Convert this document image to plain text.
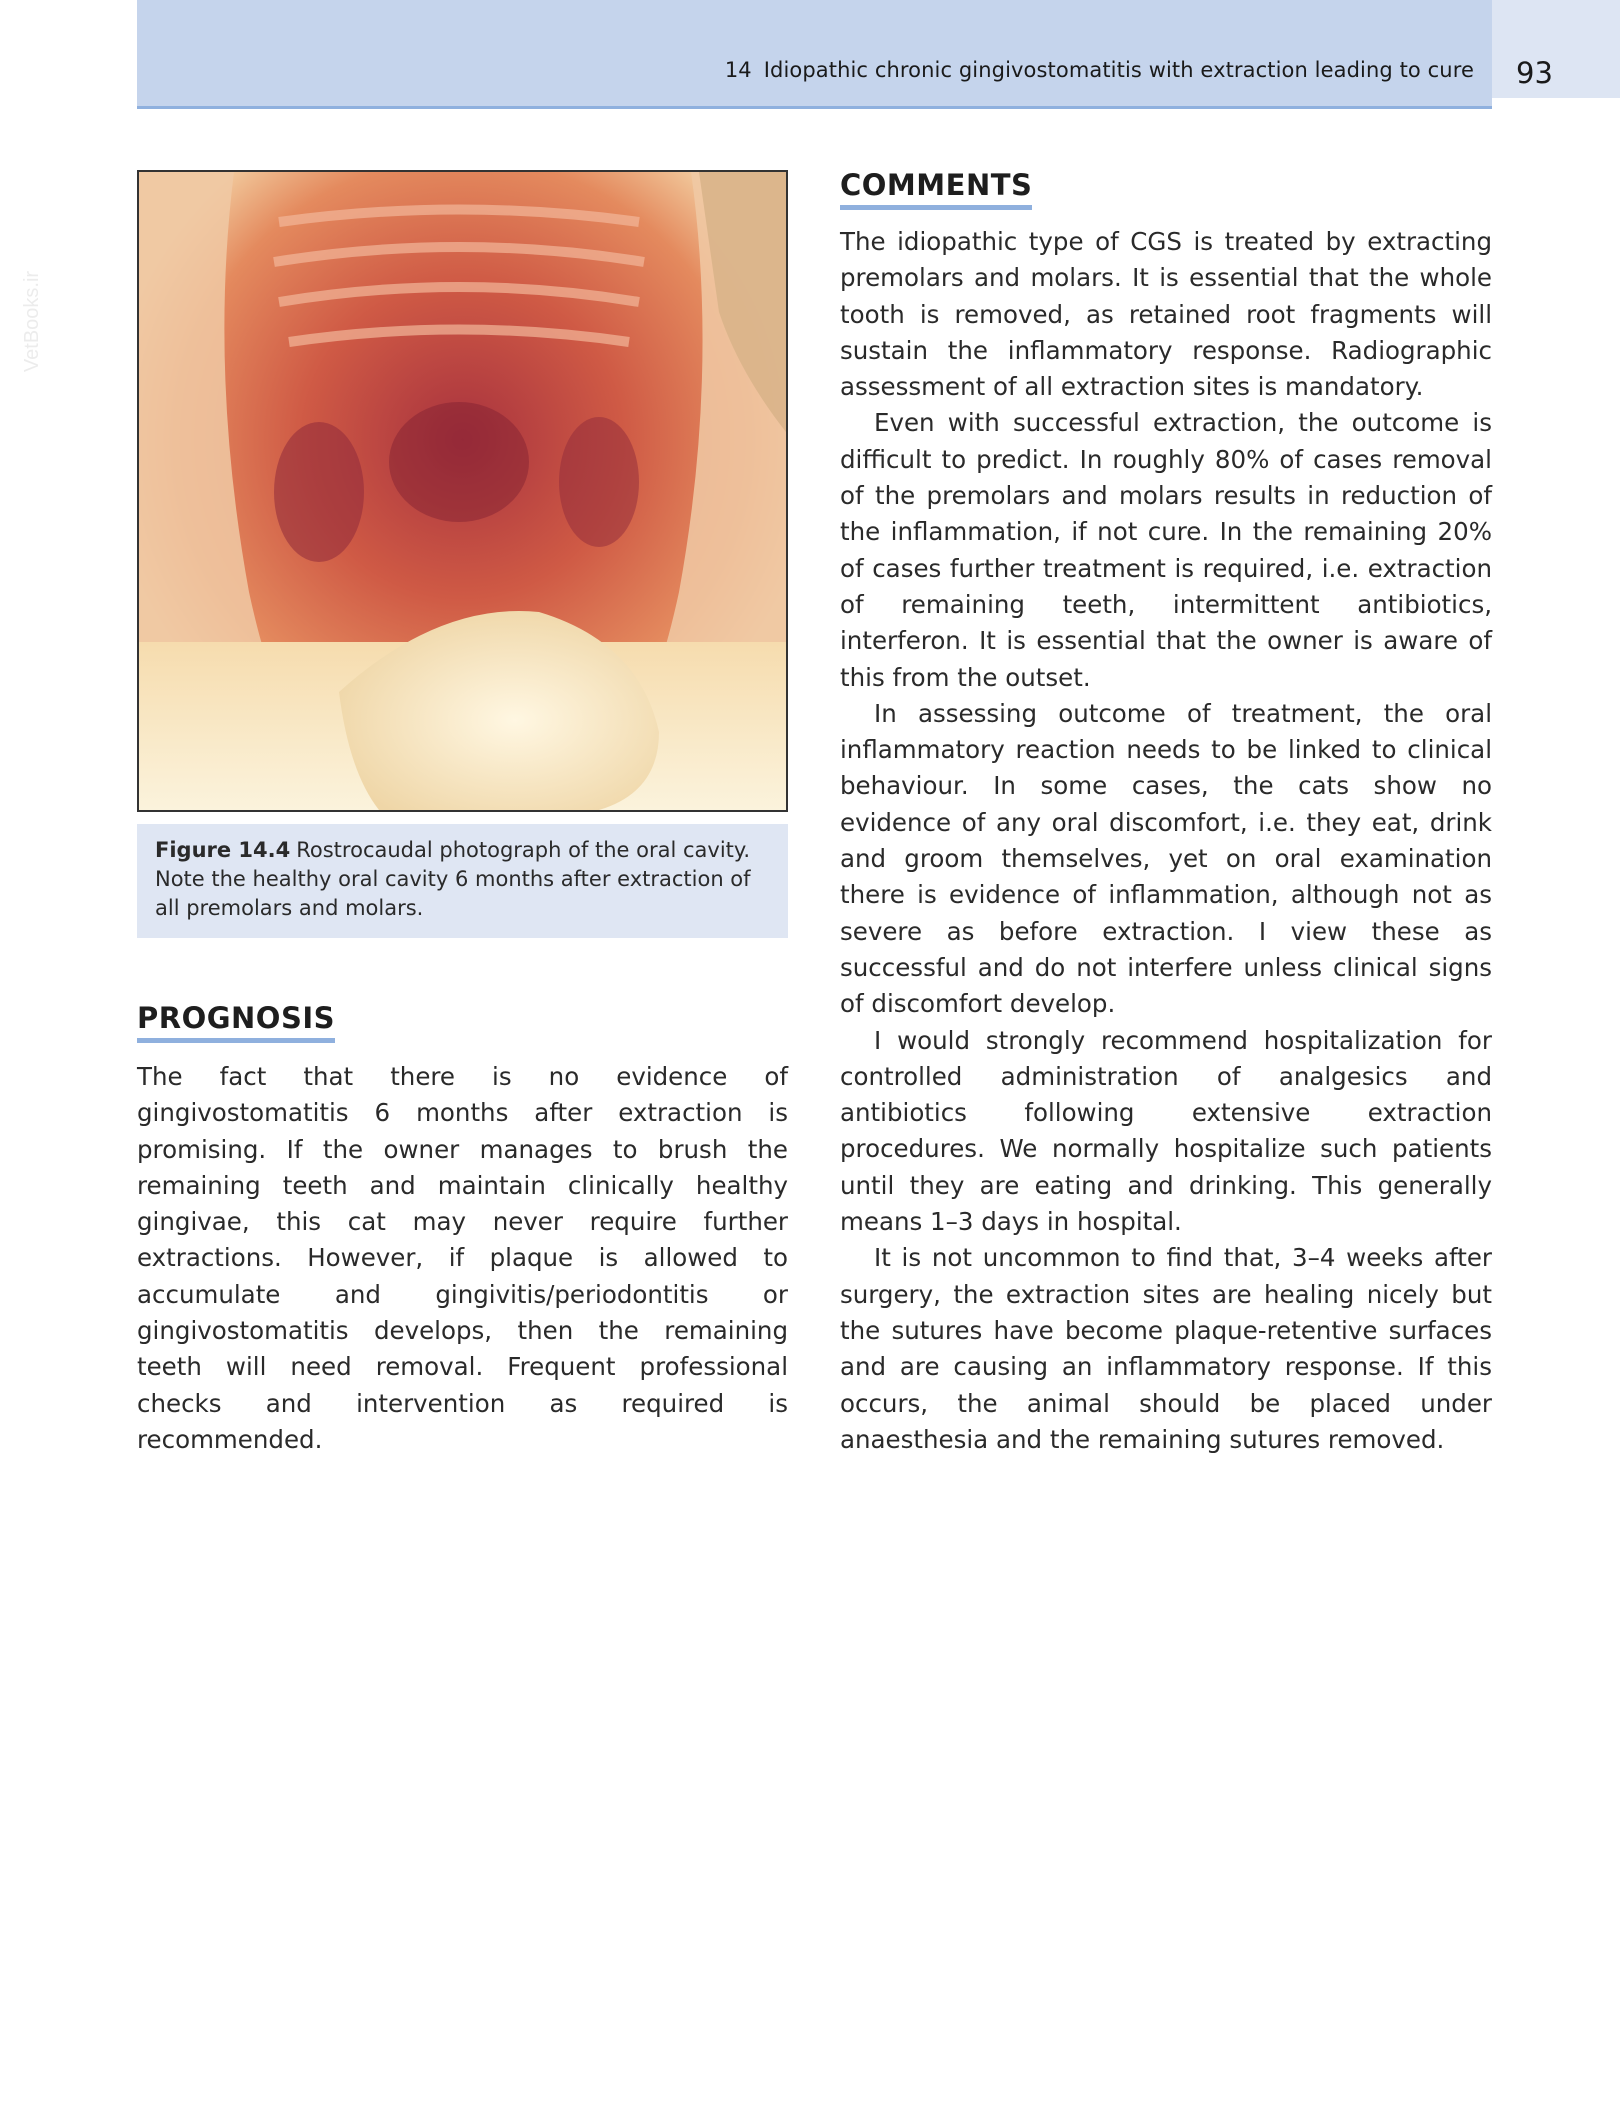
14 Idiopathic chronic gingivostomatitis with extraction leading to cure 93
VetBooks.ir
Figure 14.4 Rostrocaudal photograph of the oral cavity. Note the healthy oral cavity 6 months after extraction of all premolars and molars.
PROGNOSIS

The fact that there is no evidence of gingivostomatitis 6 months after extraction is promising. If the owner manages to brush the remaining teeth and maintain clinically healthy gingivae, this cat may never require further extractions. However, if plaque is allowed to accumulate and gingivitis/periodontitis or gingivostomatitis develops, then the remaining teeth will need removal. Frequent professional checks and intervention as required is recommended.

COMMENTS

The idiopathic type of CGS is treated by extracting premolars and molars. It is essential that the whole tooth is removed, as retained root fragments will sustain the inflammatory response. Radiographic assessment of all extraction sites is mandatory.

Even with successful extraction, the outcome is difficult to predict. In roughly 80% of cases removal of the premolars and molars results in reduction of the inflammation, if not cure. In the remaining 20% of cases further treatment is required, i.e. extraction of remaining teeth, intermittent antibiotics, interferon. It is essential that the owner is aware of this from the outset.

In assessing outcome of treatment, the oral inflammatory reaction needs to be linked to clinical behaviour. In some cases, the cats show no evidence of any oral discomfort, i.e. they eat, drink and groom themselves, yet on oral examination there is evidence of inflammation, although not as severe as before extraction. I view these as successful and do not interfere unless clinical signs of discomfort develop.

I would strongly recommend hospitalization for controlled administration of analgesics and antibiotics following extensive extraction procedures. We normally hospitalize such patients until they are eating and drinking. This generally means 1–3 days in hospital.

It is not uncommon to find that, 3–4 weeks after surgery, the extraction sites are healing nicely but the sutures have become plaque-retentive surfaces and are causing an inflammatory response. If this occurs, the animal should be placed under anaesthesia and the remaining sutures removed.
